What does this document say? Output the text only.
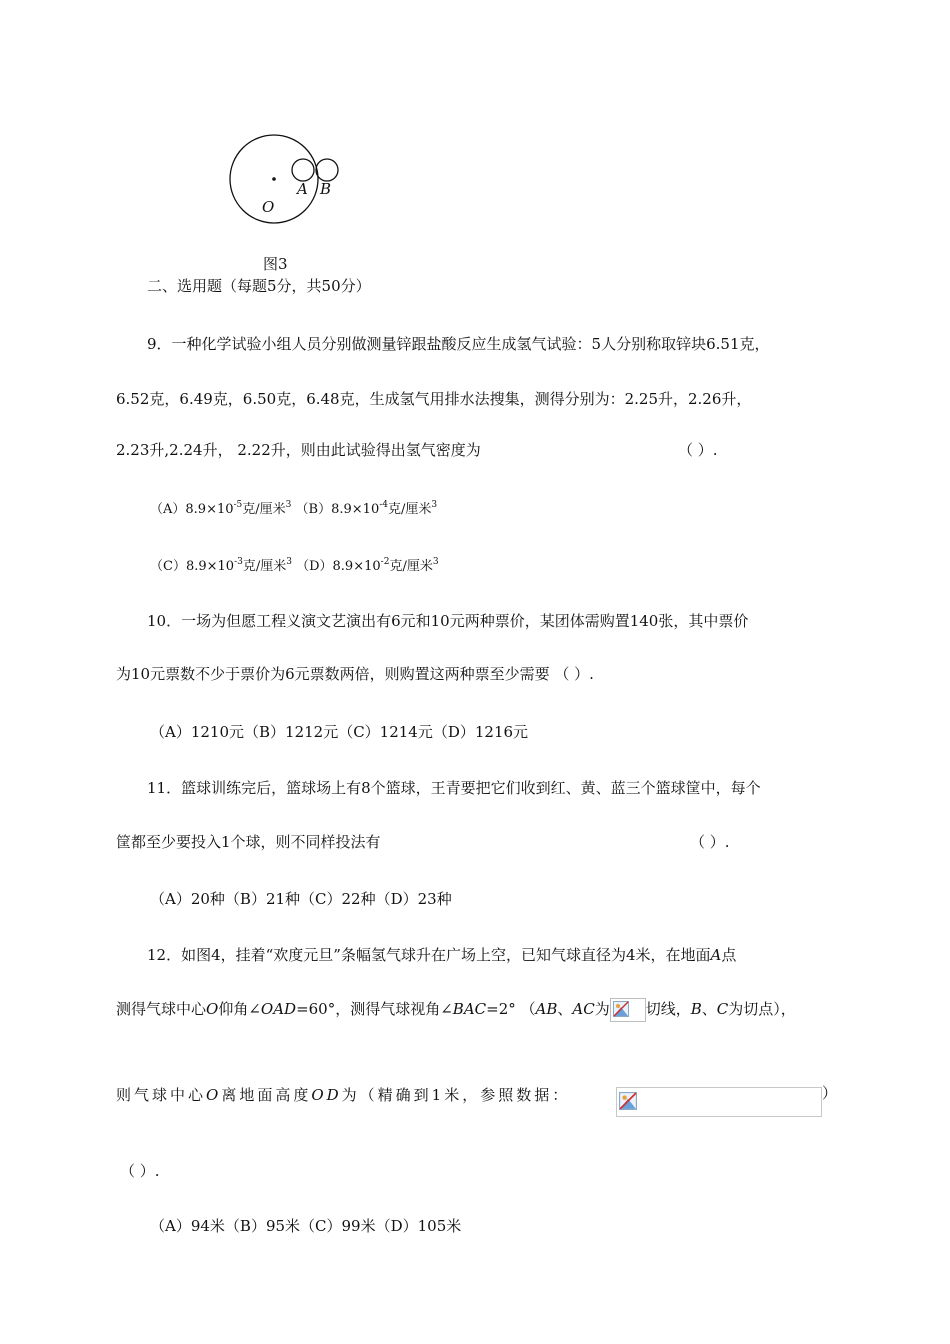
O
A B
图3
二、选用题（每题5分，共50分）
9．一种化学试验小组人员分别做测量锌跟盐酸反应生成氢气试验：5人分别称取锌块6.51克，
6.52克，6.49克，6.50克，6.48克，生成氢气用排水法搜集，测得分别为：2.25升，2.26升，
2.23升,2.24升， 2.22升，则由此试验得出氢气密度为	（ ）.
$(A)8.9\times 10^{-5}$克/厘米$^3$ $(B)8.9\times 10^{-4}$克/厘米$^3$
$(C)8.9\times 10^{-3}$克/厘米$^3$ $(D)8.9\times 10^{-2}$克/厘米$^3$
10．一场为但愿工程义演文艺演出有6元和10元两种票价，某团体需购置140张，其中票价
为10元票数不少于票价为6元票数两倍，则购置这两种票至少需要 （ ）.
（A）1210元（B）1212元（C）1214元（D）1216元
11．篮球训练完后，篮球场上有8个篮球，王青要把它们收到红、黄、蓝三个篮球筐中，每个
筐都至少要投入1个球，则不同样投法有	（ ）.
（A）20种（B）21种（C）22种（D）23种
12．如图4，挂着“欢度元旦”条幅氢气球升在广场上空，已知气球直径为4米，在地面A点
测得气球中心O仰角∠OAD=60°，测得气球视角∠BAC=2° （AB、AC为 切线，B、C为切点），
则气球中心O离地面高度OD为（精确到1米，参照数据：	）
（ ）.
（A）94米（B）95米（C）99米（D）105米
